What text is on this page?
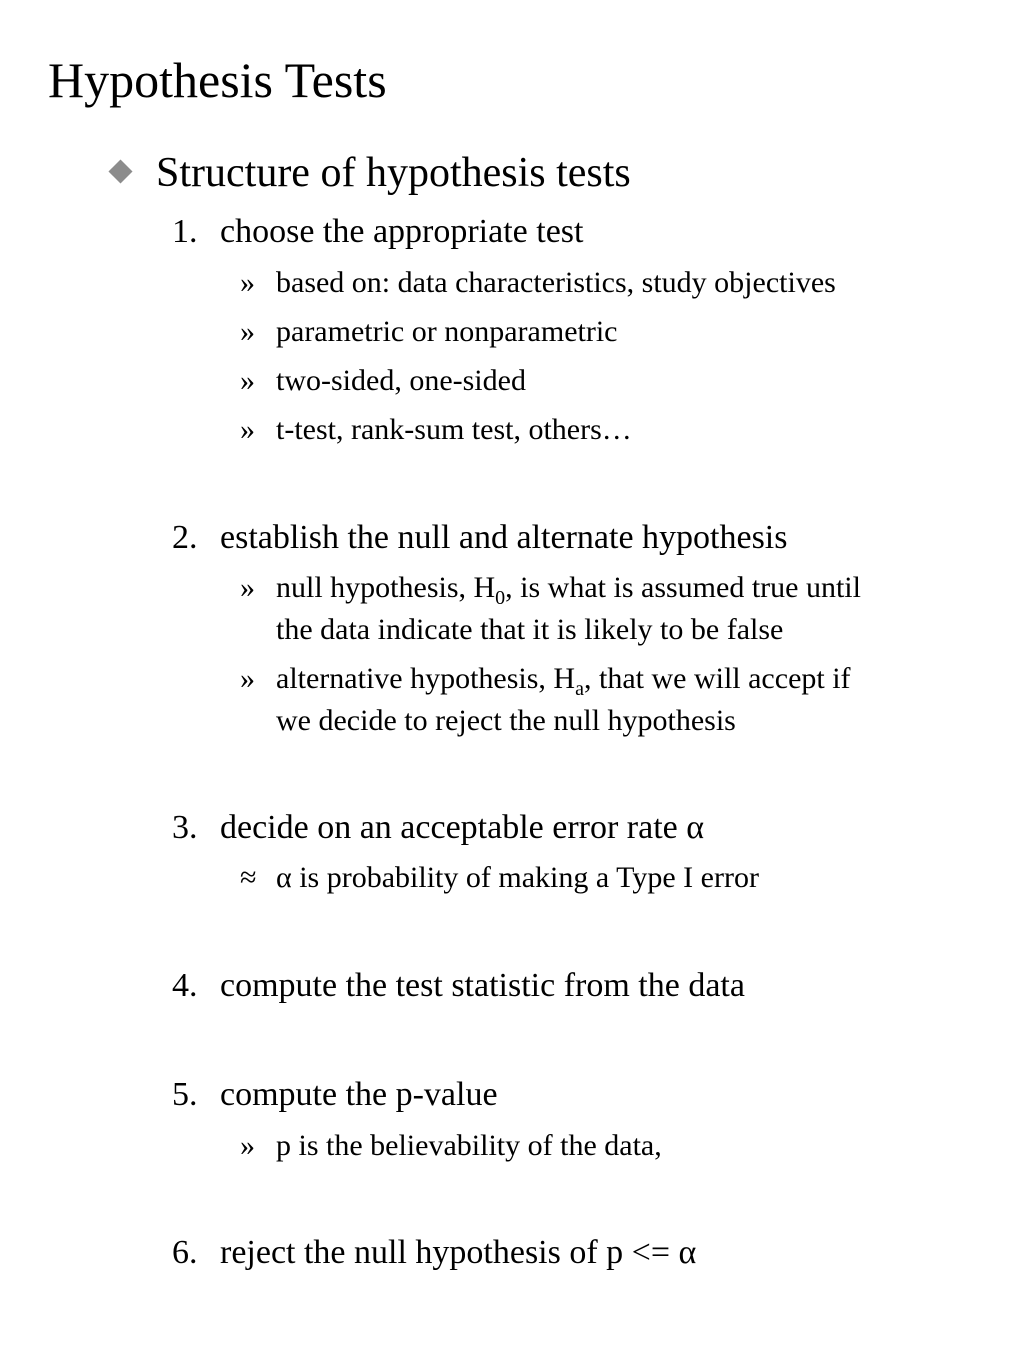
Hypothesis Tests
Structure of hypothesis tests
1. choose the appropriate test
» based on: data characteristics, study objectives
» parametric or nonparametric
» two-sided, one-sided
» t-test, rank-sum test, others…
2. establish the null and alternate hypothesis
» null hypothesis, $H_0$, is what is assumed true until
the data indicate that it is likely to be false
» alternative hypothesis, $H_a$, that we will accept if
we decide to reject the null hypothesis
3. decide on an acceptable error rate α
≈ α is probability of making a Type I error
4. compute the test statistic from the data
5. compute the p-value
» p is the believability of the data,
6. reject the null hypothesis of p <= α
